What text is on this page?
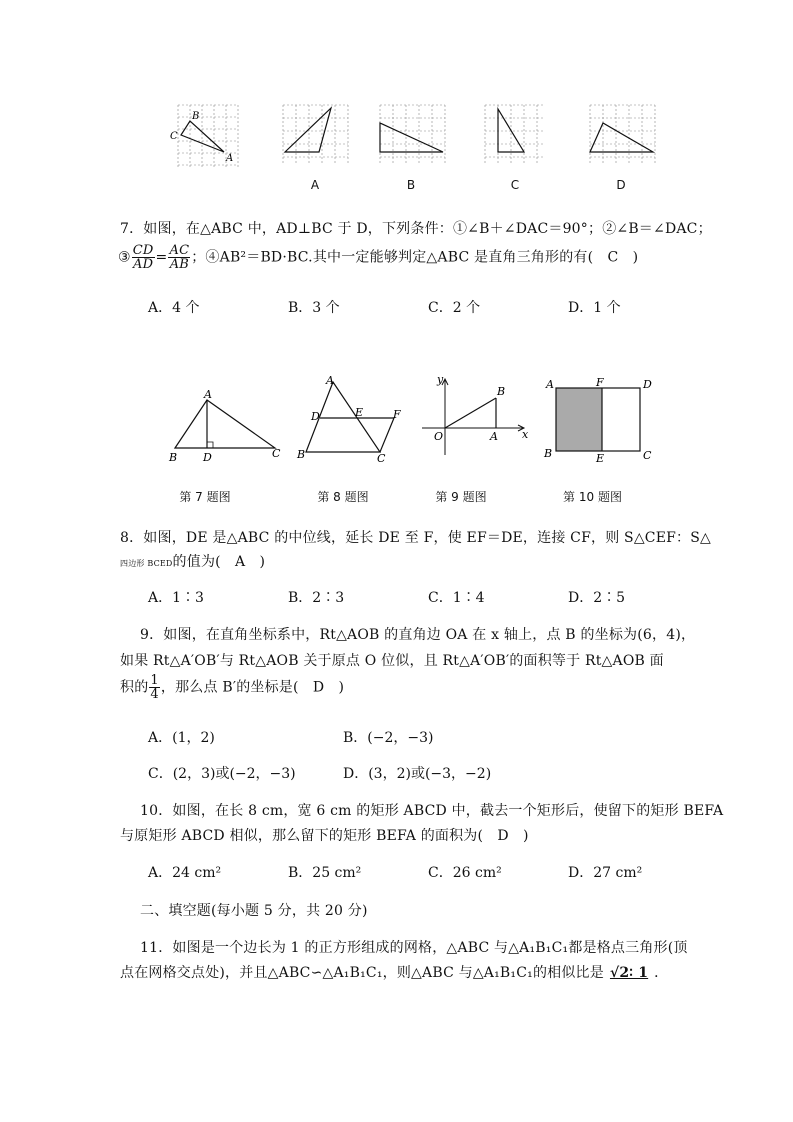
B
C
A
A	B	C	D
7．如图，在△ABC 中，AD⊥BC 于 D，下列条件：①∠B＋∠DAC＝90°；②∠B＝∠DAC；
③ $\frac{CD}{AD} = \frac{AC}{AB}$ ；④AB²＝BD·BC.其中一定能够判定△ABC 是直角三角形的有(　C　)
A．4 个	B．3 个	C．2 个	D．1 个
A
B D	C
第 7 题图
A
D	E	F
B	C
第 8 题图
y
B
O	A x
第 9 题图
A	F	D
B	E	C
第 10 题图
8．如图，DE 是△ABC 的中位线，延长 DE 至 F，使 EF＝DE，连接 CF，则 S△CEF：S△
四边形 BCED的值为(　A　)
A．1∶3	B．2∶3	C．1∶4	D．2∶5
9．如图，在直角坐标系中，Rt△AOB 的直角边 OA 在 x 轴上，点 B 的坐标为(6，4)，
如果 Rt△A′OB′与 Rt△AOB 关于原点 O 位似，且 Rt△A′OB′的面积等于 Rt△AOB 面
积的 $\frac{1}{4}$ ，那么点 B′的坐标是(　D　)
A．(1，2)	B．(−2，−3)
C．(2，3)或(−2，−3)	D．(3，2)或(−3，−2)
10．如图，在长 8 cm，宽 6 cm 的矩形 ABCD 中，截去一个矩形后，使留下的矩形 BEFA
与原矩形 ABCD 相似，那么留下的矩形 BEFA 的面积为(　D　)
A．24 cm²	B．25 cm²	C．26 cm²	D．27 cm²
二、填空题(每小题 5 分，共 20 分)
11．如图是一个边长为 1 的正方形组成的网格，△ABC 与△A₁B₁C₁都是格点三角形(顶
点在网格交点处)，并且△ABC∽△A₁B₁C₁，则△ABC 与△A₁B₁C₁的相似比是 √2∶ 1 ．
